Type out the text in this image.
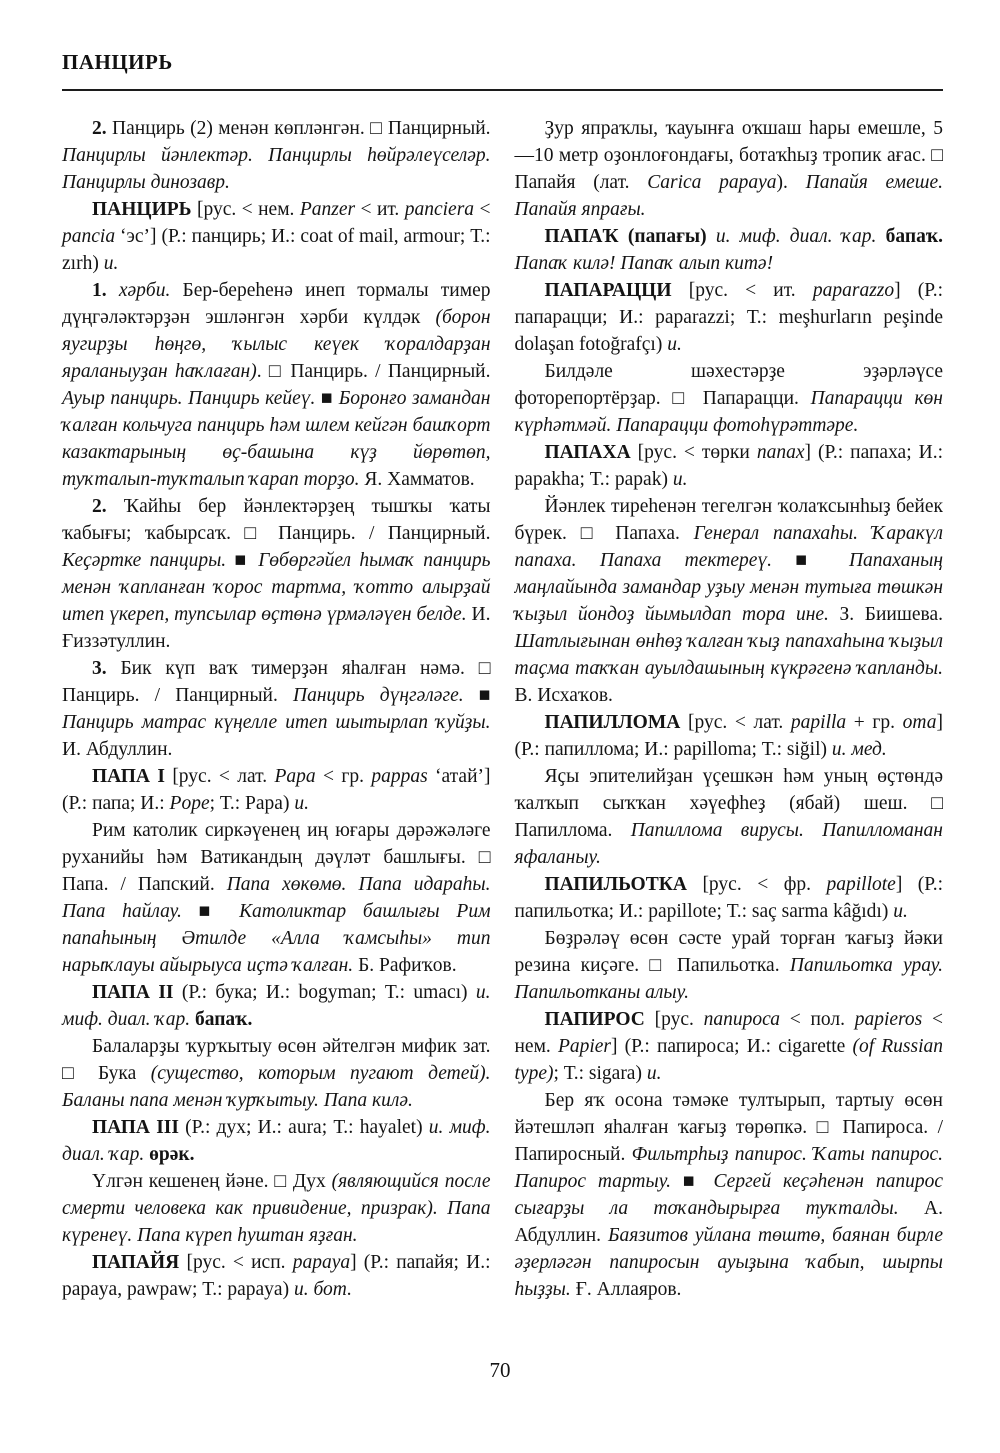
ПАНЦИРЬ

2. Панцирь (2) менән көпләнгән. □ Панцирный. Панцирлы йәнлектәр. Панцирлы һөйрәлеүселәр. Панцирлы динозавр.

ПАНЦИРЬ [рус. < нем. Panzer < ит. panciera < pancia ‘эс’] (Р.: панцирь; И.: coat of mail, armour; Т.: zırh) и.

1. хәрби. Бер-береһенә инеп тормалы тимер дүңгәләктәрҙән эшләнгән хәрби күлдәк (борон яугирҙы һөңгө, ҡылыс кеүек ҡоралдарҙан яраланыуҙан һаҡлаған). □ Панцирь. / Панцирный. Ауыр панцирь. Панцирь кейеү. ■ Боронғо замандан ҡалған кольчуга панцирь һәм шлем кейгән башҡорт казактарының өҫ-башына күҙ йөрөтөп, туҡталып-туҡталып ҡарап торҙо. Я. Хамматов.

2. Ҡайһы бер йәнлектәрҙең тышҡы ҡаты ҡабығы; ҡабырсаҡ. □ Панцирь. / Панцирный. Кеҫәртке панциры. ■ Гөбөргәйел һымаҡ панцирь менән ҡапланған ҡорос тартма, ҡотто алырҙай итеп үкереп, тупсылар өҫтөнә үрмәләүен белде. И. Ғиззәтуллин.

3. Бик күп ваҡ тимерҙән яһалған нәмә. □ Панцирь. / Панцирный. Панцирь дүңгәләге. ■ Панцирь матрас күңелле итеп шытырлап ҡуйҙы. И. Абдуллин.

ПАПА I [рус. < лат. Papa < гр. pappas ‘атай’] (Р.: папа; И.: Pope; Т.: Papa) и.

Рим католик сиркәүенең иң юғары дәрәжәләге руханийы һәм Ватикандың дәүләт башлығы. □ Папа. / Папский. Папа хөкөмө. Папа идараһы. Папа һайлау. ■ Католиктар башлығы Рим папаһының Әтилде «Алла ҡамсыһы» тип нарыҡлауы айырыуса иҫтә ҡалған. Б. Рафиҡов.

ПАПА II (Р.: бука; И.: bogyman; Т.: umacı) и. миф. диал. ҡар. бапаҡ.

Балаларҙы ҡурҡытыу өсөн әйтелгән мифик зат. □ Бука (существо, которым пугают детей). Баланы папа менән ҡурҡытыу. Папа килә.

ПАПА III (Р.: дух; И.: aura; Т.: hayalet) и. миф. диал. ҡар. өрәк.

Үлгән кешенең йәне. □ Дух (являющийся после смерти человека как привидение, призрак). Папа күренеү. Папа күреп һуштан яҙған.

ПАПАЙЯ [рус. < исп. papaya] (Р.: папайя; И.: papaya, pawpaw; Т.: papaya) и. бот.

Ҙур япраҡлы, ҡауынға оҡшаш һары емешле, 5—10 метр оҙонлоғондағы, ботаҡһыҙ тропик ағас. □ Папайя (лат. Carica papaya). Папайя емеше. Папайя япрағы.

ПАПАҠ (папағы) и. миф. диал. ҡар. бапаҡ. Папаҡ килә! Папаҡ алып китә!

ПАПАРАЦЦИ [рус. < ит. paparazzo] (Р.: папарацци; И.: paparazzi; Т.: meşhurların peşinde dolaşan fotoğrafçı) и.

Билдәле шәхестәрҙе эҙәрләүсе фоторепортёрҙар. □ Папарацци. Папарацци көн күрһәтмәй. Папарацци фотоһүрәттәре.

ПАПАХА [рус. < төрки папах] (Р.: папаха; И.: papakha; Т.: papak) и.

Йәнлек тиреһенән тегелгән ҡолаҡсынһыҙ бейек бүрек. □ Папаха. Генерал папахаһы. Ҡаракүл папаха. Папаха тектереү. ■ Папаханың маңлайында замандар уҙыу менән тутыға төшкән ҡыҙыл йондоҙ йымылдап тора ине. З. Биишева. Шатлығынан өнһөҙ ҡалған ҡыҙ папахаһына ҡыҙыл таҫма таҡҡан ауылдашының күкрәгенә ҡапланды. В. Исхаҡов.

ПАПИЛЛОМА [рус. < лат. papilla + гр. ота] (Р.: папиллома; И.: papilloma; Т.: siğil) и. мед.

Яҫы эпителийҙан үҫешкән һәм уның өҫтөндә ҡалҡып сыҡҡан хәүефһеҙ (ябай) шеш. □ Папиллома. Папиллома вирусы. Папилломанан яфаланыу.

ПАПИЛЬОТКА [рус. < фр. papillote] (Р.: папильотка; И.: papillote; Т.: saç sarma kâğıdı) и.

Бөҙрәләү өсөн сәсте урай торған ҡағыҙ йәки резина киҫәге. □ Папильотка. Папильотка урау. Папильотканы алыу.

ПАПИРОС [рус. папироса < пол. papieros < нем. Papier] (Р.: папироса; И.: cigarette (of Russian type); Т.: sigara) и.

Бер яҡ осона тәмәке тултырып, тартыу өсөн йәтешләп яһалған ҡағыҙ төрөпкә. □ Папироса. / Папиросный. Фильтрһыҙ папирос. Ҡаты папирос. Папирос тартыу. ■ Сергей кеҫәһенән папирос сығарҙы ла тоҡандырырға туҡталды. А. Абдуллин. Баязитов уйлана төштө, баянан бирле әҙерләгән папиросын ауыҙына ҡабып, шырпы һыҙҙы. Ғ. Аллаяров.

70
